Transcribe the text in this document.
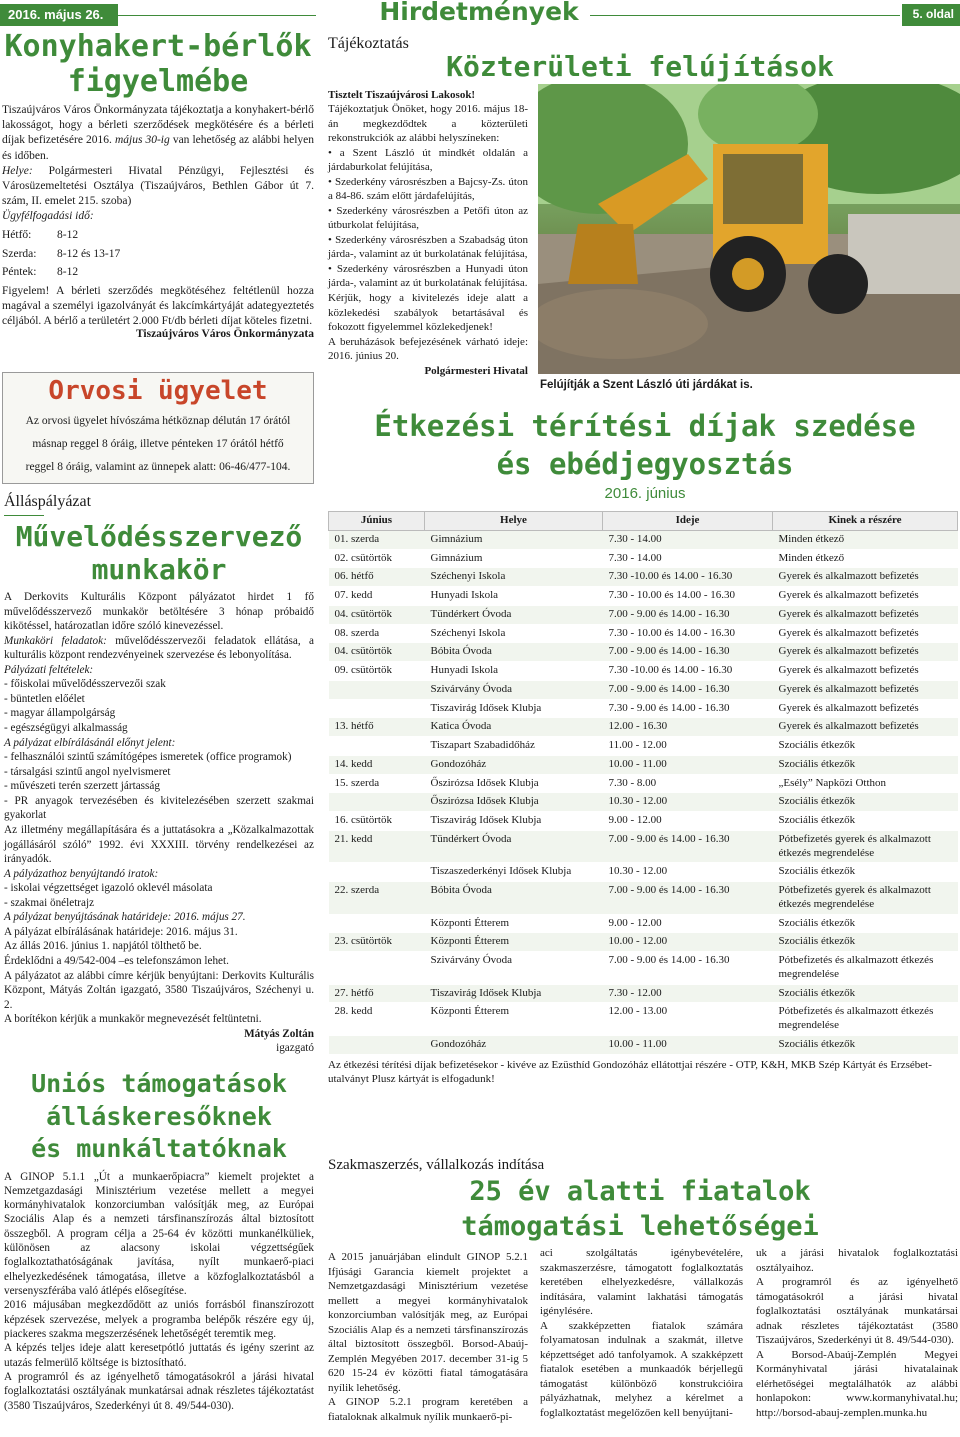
2016. május 26.	Hirdetmények	5. oldal
Konyhakert-bérlők
figyelmébe
Tiszaújváros Város Önkormányzata tájékoztatja a konyhakert-bérlő lakosságot, hogy a bérleti szerződések megkötésére és a bérleti díjak befizetésére 2016. május 30-ig van lehetőség az alábbi helyen és időben.
Helye: Polgármesteri Hivatal Pénzügyi, Fejlesztési és Városüzemeltetési Osztálya (Tiszaújváros, Bethlen Gábor út 7. szám, II. emelet 215. szoba)
Ügyfélfogadási idő:
Hétfő: 8-12
Szerda: 8-12 és 13-17
Péntek: 8-12
Figyelem! A bérleti szerződés megkötéséhez feltétlenül hozza magával a személyi igazolványát és lakcímkártyáját adategyeztetés céljából. A bérlő a területért 2.000 Ft/db bérleti díjat köteles fizetni.
Tiszaújváros Város Önkormányzata
Orvosi ügyelet
Az orvosi ügyelet hívószáma hétköznap délután 17 órától
másnap reggel 8 óráig, illetve pénteken 17 órától hétfő
reggel 8 óráig, valamint az ünnepek alatt: 06-46/477-104.
Álláspályázat
Művelődésszervező
munkakör
A Derkovits Kulturális Központ pályázatot hirdet 1 fő művelődésszervező munkakör betöltésére 3 hónap próbaidő kikötéssel, határozatlan időre szóló kinevezéssel.
Munkaköri feladatok: művelődésszervezői feladatok ellátása, a kulturális központ rendezvényeinek szervezése és lebonyolítása.
Pályázati feltételek:
- főiskolai művelődésszervezői szak
- büntetlen előélet
- magyar állampolgárság
- egészségügyi alkalmasság
A pályázat elbírálásánál előnyt jelent:
- felhasználói szintű számítógépes ismeretek (office programok)
- társalgási szintű angol nyelvismeret
- művészeti terén szerzett jártasság
- PR anyagok tervezésében és kivitelezésében szerzett szakmai gyakorlat
Az illetmény megállapítására és a juttatásokra a „Közalkalmazottak jogállásáról szóló” 1992. évi XXXIII. törvény rendelkezései az irányadók.
A pályázathoz benyújtandó iratok:
- iskolai végzettséget igazoló oklevél másolata
- szakmai önéletrajz
A pályázat benyújtásának határideje: 2016. május 27.
A pályázat elbírálásának határideje: 2016. május 31.
Az állás 2016. június 1. napjától tölthető be.
Érdeklődni a 49/542-004 –es telefonszámon lehet.
A pályázatot az alábbi címre kérjük benyújtani: Derkovits Kulturális Központ, Mátyás Zoltán igazgató, 3580 Tiszaújváros, Széchenyi u. 2.
A borítékon kérjük a munkakör megnevezését feltüntetni.
Mátyás Zoltán
igazgató
Uniós támogatások
álláskeresőknek
és munkáltatóknak
A GINOP 5.1.1 „Út a munkaerőpiacra” kiemelt projektet a Nemzetgazdasági Minisztérium vezetése mellett a megyei kormányhivatalok konzorciumban valósítják meg, az Európai Szociális Alap és a nemzeti társfinanszírozás által biztosított összegből. A program célja a 25-64 év közötti munkanélküliek, különösen az alacsony iskolai végzettségűek foglalkoztathatóságának javítása, nyílt munkaerő-piaci elhelyezkedésének támogatása, illetve a közfoglalkoztatásból a versenyszférába való átlépés elősegítése.
2016 májusában megkezdődött az uniós forrásból finanszírozott képzések szervezése, melyek a programba belépők részére egy új, piackeres szakma megszerzésének lehetőségét teremtik meg.
A képzés teljes ideje alatt keresetpótló juttatás és igény szerint az utazás felmerülő költsége is biztosítható.
A programról és az igényelhető támogatásokról a járási hivatal foglalkoztatási osztályának munkatársai adnak részletes tájékoztatást (3580 Tiszaújváros, Szederkényi út 8. 49/544-030).
Tájékoztatás
Közterületi felújítások
Tisztelt Tiszaújvárosi Lakosok!
Tájékoztatjuk Önöket, hogy 2016. május 18-án megkezdődtek a közterületi rekonstrukciók az alábbi helyszíneken:
• a Szent László út mindkét oldalán a járdaburkolat felújítása,
• Szederkény városrészben a Bajcsy-Zs. úton a 84-86. szám előtt járdafelújítás,
• Szederkény városrészben a Petőfi úton az útburkolat felújítása,
• Szederkény városrészben a Szabadság úton járda-, valamint az út burkolatának felújítása,
• Szederkény városrészben a Hunyadi úton járda-, valamint az út burkolatának felújítása.
Kérjük, hogy a kivitelezés ideje alatt a közlekedési szabályok betartásával és fokozott figyelemmel közlekedjenek!
A beruházások befejezésének várható ideje: 2016. június 20.
Polgármesteri Hivatal
Felújítják a Szent László úti járdákat is.
Étkezési térítési díjak szedése
és ebédjegyosztás
2016. június
Június	Helye	Ideje	Kinek a részére
01. szerda	Gimnázium	7.30 - 14.00	Minden étkező
02. csütörtök	Gimnázium	7.30 - 14.00	Minden étkező
06. hétfő	Széchenyi Iskola	7.30 -10.00 és 14.00 - 16.30	Gyerek és alkalmazott befizetés
07. kedd	Hunyadi Iskola	7.30 - 10.00 és 14.00 - 16.30	Gyerek és alkalmazott befizetés
04. csütörtök	Tündérkert Óvoda	7.00 - 9.00 és 14.00 - 16.30	Gyerek és alkalmazott befizetés
08. szerda	Széchenyi Iskola	7.30 - 10.00 és 14.00 - 16.30	Gyerek és alkalmazott befizetés
04. csütörtök	Bóbita Óvoda	7.00 - 9.00 és 14.00 - 16.30	Gyerek és alkalmazott befizetés
09. csütörtök	Hunyadi Iskola	7.30 -10.00 és 14.00 - 16.30	Gyerek és alkalmazott befizetés
	Szivárvány Óvoda	7.00 - 9.00 és 14.00 - 16.30	Gyerek és alkalmazott befizetés
	Tiszavirág Idősek Klubja	7.30 - 9.00 és 14.00 - 16.30	Gyerek és alkalmazott befizetés
13. hétfő	Katica Óvoda	12.00 - 16.30	Gyerek és alkalmazott befizetés
	Tiszapart Szabadidőház	11.00 - 12.00	Szociális étkezők
14. kedd	Gondozóház	10.00 - 11.00	Szociális étkezők
15. szerda	Őszirózsa Idősek Klubja	7.30 - 8.00	„Esély” Napközi Otthon
	Őszirózsa Idősek Klubja	10.30 - 12.00	Szociális étkezők
16. csütörtök	Tiszavirág Idősek Klubja	9.00 - 12.00	Szociális étkezők
21. kedd	Tündérkert Óvoda	7.00 - 9.00 és 14.00 - 16.30	Pótbefizetés gyerek és alkalmazott étkezés megrendelése
	Tiszaszederkényi Idősek Klubja	10.30 - 12.00	Szociális étkezők
22. szerda	Bóbita Óvoda	7.00 - 9.00 és 14.00 - 16.30	Pótbefizetés gyerek és alkalmazott étkezés megrendelése
	Központi Étterem	9.00 - 12.00	Szociális étkezők
23. csütörtök	Központi Étterem	10.00 - 12.00	Szociális étkezők
	Szivárvány Óvoda	7.00 - 9.00 és 14.00 - 16.30	Pótbefizetés és alkalmazott étkezés megrendelése
27. hétfő	Tiszavirág Idősek Klubja	7.30 - 12.00	Szociális étkezők
28. kedd	Központi Étterem	12.00 - 13.00	Pótbefizetés és alkalmazott étkezés megrendelése
	Gondozóház	10.00 - 11.00	Szociális étkezők
Az étkezési térítési díjak befizetésekor - kivéve az Ezüsthíd Gondozóház ellátottjai részére - OTP, K&H, MKB Szép Kártyát és Erzsébet-utalványt Plusz kártyát is elfogadunk!
Szakmaszerzés, vállalkozás indítása
25 év alatti fiatalok
támogatási lehetőségei
A 2015 januárjában elindult GINOP 5.2.1 Ifjúsági Garancia kiemelt projektet a Nemzetgazdasági Minisztérium vezetése mellett a megyei kormányhivatalok konzorciumban valósítják meg, az Európai Szociális Alap és a nemzeti társfinanszírozás által biztosított összegből. Borsod-Abaúj-Zemplén Megyében 2017. december 31-ig 5 620 15-24 év közötti fiatal támogatására nyílik lehetőség.
A GINOP 5.2.1 program keretében a fiataloknak alkalmuk nyílik munkaerő-pi-
aci szolgáltatás igénybevételére, szakmaszerzésre, támogatott foglalkoztatás keretében elhelyezkedésre, vállalkozás indítására, valamint lakhatási támogatás igénylésére.
A szakképzetten fiatalok számára folyamatosan indulnak a szakmát, illetve képzettséget adó tanfolyamok. A szakképzett fiatalok esetében a munkaadók bérjellegű támogatást különböző konstrukcióira pályázhatnak, melyhez a kérelmet a foglalkoztatást megelőzően kell benyújtani-
uk a járási hivatalok foglalkoztatási osztályaihoz.
A programról és az igényelhető támogatásokról a járási hivatal foglalkoztatási osztályának munkatársai adnak részletes tájékoztatást (3580 Tiszaújváros, Szederkényi út 8. 49/544-030).
A Borsod-Abaúj-Zemplén Megyei Kormányhivatal járási hivatalainak elérhetőségei megtalálhatók az alábbi honlapokon: www.kormanyhivatal.hu; http://borsod-abauj-zemplen.munka.hu
